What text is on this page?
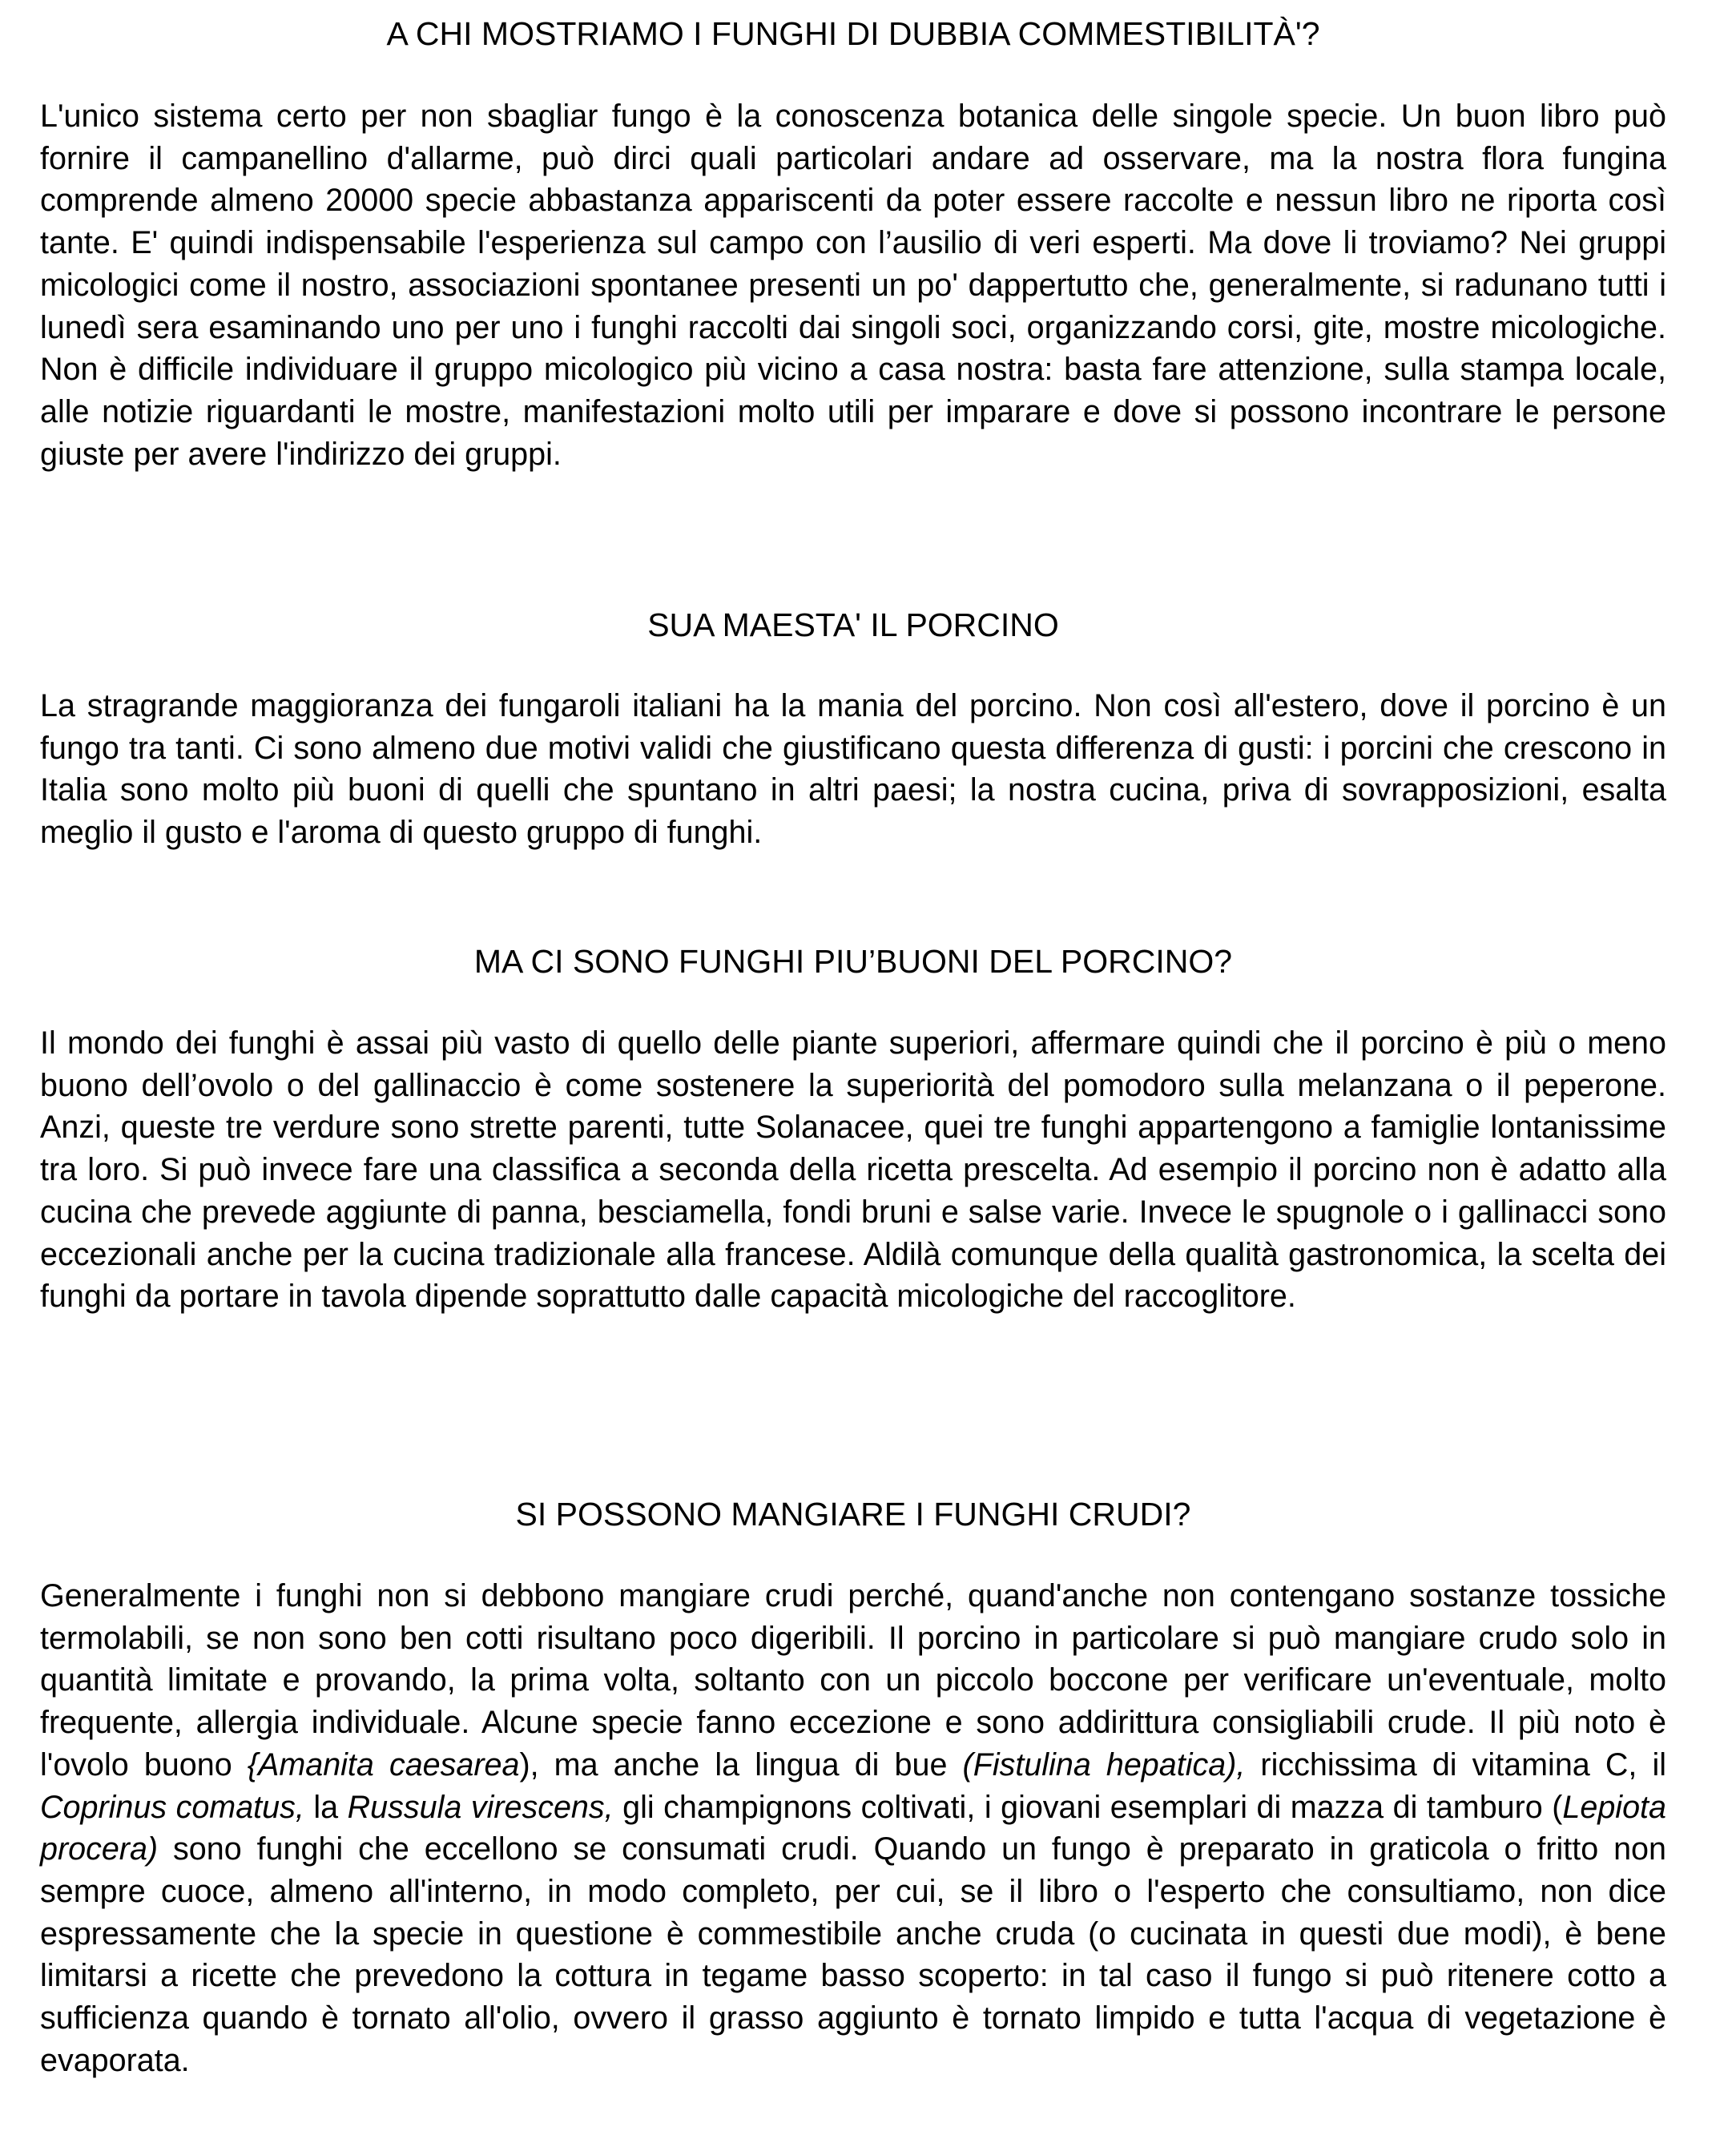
A CHI MOSTRIAMO I FUNGHI DI DUBBIA COMMESTIBILITÀ'?

L'unico sistema certo per non sbagliar fungo è la conoscenza botanica delle singole specie. Un buon libro può fornire il campanellino d'allarme, può dirci quali particolari andare ad osservare, ma la nostra flora fungina comprende almeno 20000 specie abbastanza appariscenti da poter essere raccolte e nessun libro ne riporta così tante. E' quindi indispensabile l'esperienza sul campo con l’ausilio di veri esperti. Ma dove li troviamo? Nei gruppi micologici come il nostro, associazioni spontanee presenti un po' dappertutto che, generalmente, si radunano tutti i lunedì sera esaminando uno per uno i funghi raccolti dai singoli soci, organizzando corsi, gite, mostre micologiche. Non è difficile individuare il gruppo micologico più vicino a casa nostra: basta fare attenzione, sulla stampa locale, alle notizie riguardanti le mostre, manifestazioni molto utili per imparare e dove si possono incontrare le persone giuste per avere l'indirizzo dei gruppi.

SUA MAESTA' IL PORCINO

La stragrande maggioranza dei fungaroli italiani ha la mania del porcino. Non così all'estero, dove il porcino è un fungo tra tanti. Ci sono almeno due motivi validi che giustificano questa differenza di gusti: i porcini che crescono in Italia sono molto più buoni di quelli che spuntano in altri paesi; la nostra cucina, priva di sovrapposizioni, esalta meglio il gusto e l'aroma di questo gruppo di funghi.

MA CI SONO FUNGHI PIU’BUONI DEL PORCINO?

Il mondo dei funghi è assai più vasto di quello delle piante superiori, affermare quindi che il porcino è più o meno buono dell’ovolo o del gallinaccio è come sostenere la superiorità del pomodoro sulla melanzana o il peperone. Anzi, queste tre verdure sono strette parenti, tutte Solanacee, quei tre funghi appartengono a famiglie lontanissime tra loro. Si può invece fare una classifica a seconda della ricetta prescelta. Ad esempio il porcino non è adatto alla cucina che prevede aggiunte di panna, besciamella, fondi bruni e salse varie. Invece le spugnole o i gallinacci sono eccezionali anche per la cucina tradizionale alla francese. Aldilà comunque della qualità gastronomica, la scelta dei funghi da portare in tavola dipende soprattutto dalle capacità micologiche del raccoglitore.

SI POSSONO MANGIARE I FUNGHI CRUDI?

Generalmente i funghi non si debbono mangiare crudi perché, quand'anche non contengano sostanze tossiche termolabili, se non sono ben cotti risultano poco digeribili. Il porcino in particolare si può mangiare crudo solo in quantità limitate e provando, la prima volta, soltanto con un piccolo boccone per verificare un'eventuale, molto frequente, allergia individuale. Alcune specie fanno eccezione e sono addirittura consigliabili crude. Il più noto è l'ovolo buono {Amanita caesarea), ma anche la lingua di bue (Fistulina hepatica), ricchissima di vitamina C, il Coprinus comatus, la Russula virescens, gli champignons coltivati, i giovani esemplari di mazza di tamburo (Lepiota procera) sono funghi che eccellono se consumati crudi. Quando un fungo è preparato in graticola o fritto non sempre cuoce, almeno all'interno, in modo completo, per cui, se il libro o l'esperto che consultiamo, non dice espressamente che la specie in questione è commestibile anche cruda (o cucinata in questi due modi), è bene limitarsi a ricette che prevedono la cottura in tegame basso scoperto: in tal caso il fungo si può ritenere cotto a sufficienza quando è tornato all'olio, ovvero il grasso aggiunto è tornato limpido e tutta l'acqua di vegetazione è evaporata.
